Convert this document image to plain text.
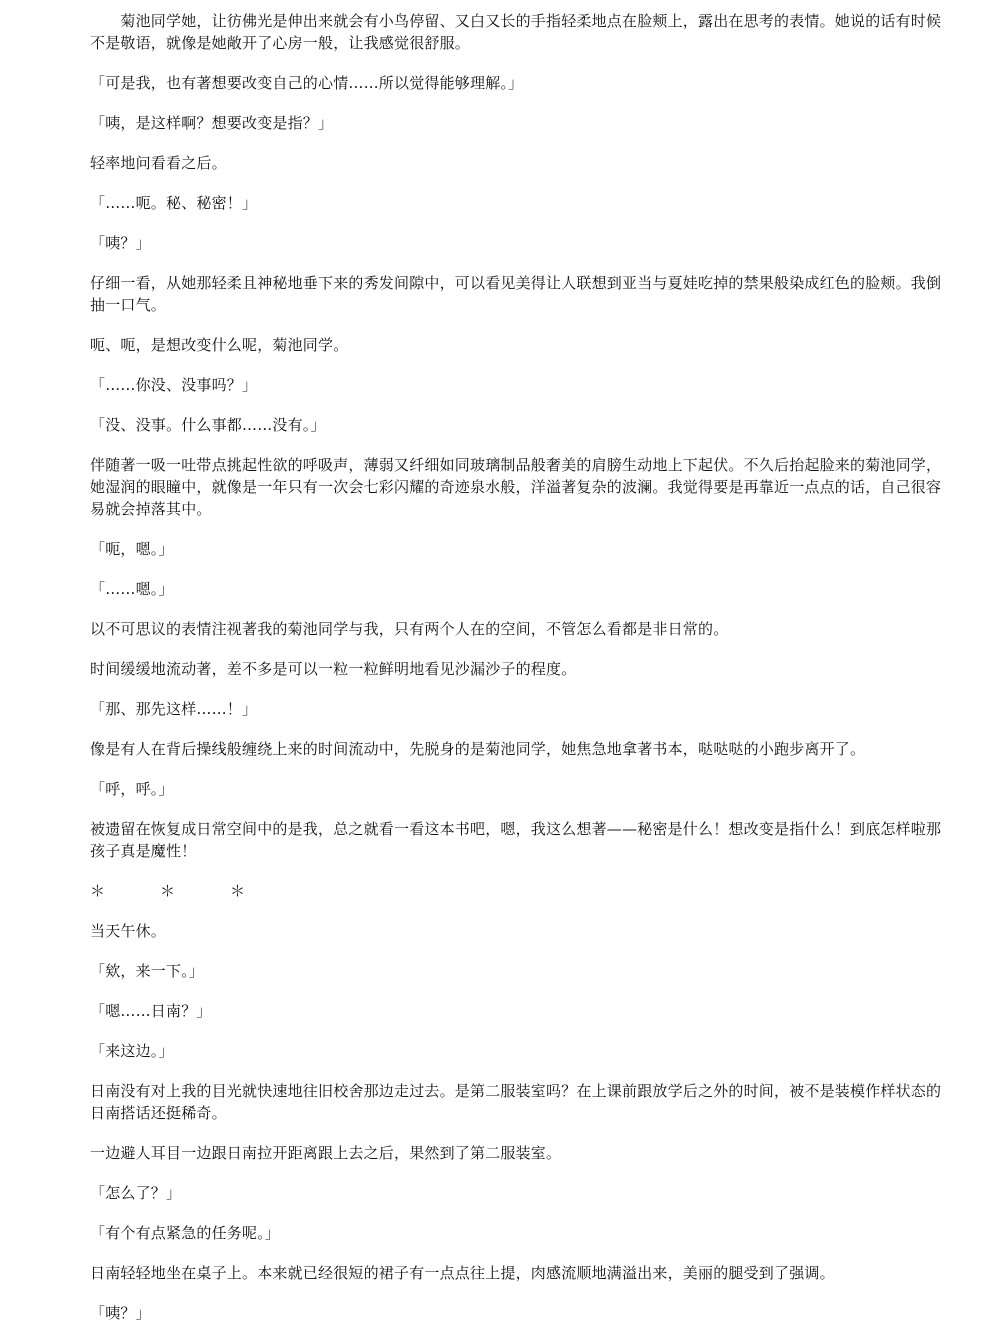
　　菊池同学她，让彷佛光是伸出来就会有小鸟停留、又白又长的手指轻柔地点在脸颊上，露出在思考的表情。她说的话有时候不是敬语，就像是她敞开了心房一般，让我感觉很舒服。

「可是我，也有著想要改变自己的心情……所以觉得能够理解。」

「咦，是这样啊？想要改变是指？」

轻率地问看看之后。

「……呃。秘、秘密！」

「咦？」

仔细一看，从她那轻柔且神秘地垂下来的秀发间隙中，可以看见美得让人联想到亚当与夏娃吃掉的禁果般染成红色的脸颊。我倒抽一口气。

呃、呃，是想改变什么呢，菊池同学。

「……你没、没事吗？」

「没、没事。什么事都……没有。」

伴随著一吸一吐带点挑起性欲的呼吸声，薄弱又纤细如同玻璃制品般奢美的肩膀生动地上下起伏。不久后抬起脸来的菊池同学，她湿润的眼瞳中，就像是一年只有一次会七彩闪耀的奇迹泉水般，洋溢著复杂的波澜。我觉得要是再靠近一点点的话，自己很容易就会掉落其中。

「呃，嗯。」

「……嗯。」

以不可思议的表情注视著我的菊池同学与我，只有两个人在的空间，不管怎么看都是非日常的。

时间缓缓地流动著，差不多是可以一粒一粒鲜明地看见沙漏沙子的程度。

「那、那先这样……！」

像是有人在背后操线般缠绕上来的时间流动中，先脱身的是菊池同学，她焦急地拿著书本，哒哒哒的小跑步离开了。

「呼，呼。」

被遗留在恢复成日常空间中的是我，总之就看一看这本书吧，嗯，我这么想著——秘密是什么！想改变是指什么！到底怎样啦那孩子真是魔性！

＊　＊　＊

当天午休。

「欸，来一下。」

「嗯……日南？」

「来这边。」

日南没有对上我的目光就快速地往旧校舍那边走过去。是第二服装室吗？在上课前跟放学后之外的时间，被不是装模作样状态的日南搭话还挺稀奇。

一边避人耳目一边跟日南拉开距离跟上去之后，果然到了第二服装室。

「怎么了？」

「有个有点紧急的任务呢。」

日南轻轻地坐在桌子上。本来就已经很短的裙子有一点点往上提，肉感流顺地满溢出来，美丽的腿受到了强调。

「咦？」
